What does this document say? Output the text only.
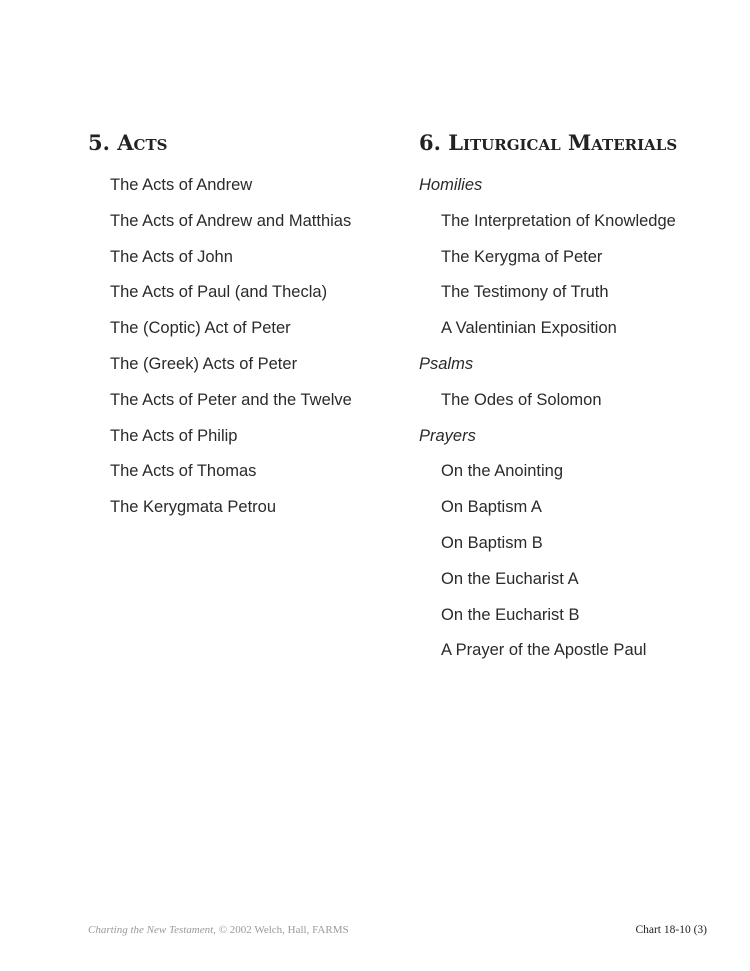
5. Acts
The Acts of Andrew
The Acts of Andrew and Matthias
The Acts of John
The Acts of Paul (and Thecla)
The (Coptic) Act of Peter
The (Greek) Acts of Peter
The Acts of Peter and the Twelve
The Acts of Philip
The Acts of Thomas
The Kerygmata Petrou
6. Liturgical Materials
Homilies
The Interpretation of Knowledge
The Kerygma of Peter
The Testimony of Truth
A Valentinian Exposition
Psalms
The Odes of Solomon
Prayers
On the Anointing
On Baptism A
On Baptism B
On the Eucharist A
On the Eucharist B
A Prayer of the Apostle Paul
Charting the New Testament, © 2002 Welch, Hall, FARMS	Chart 18-10 (3)
